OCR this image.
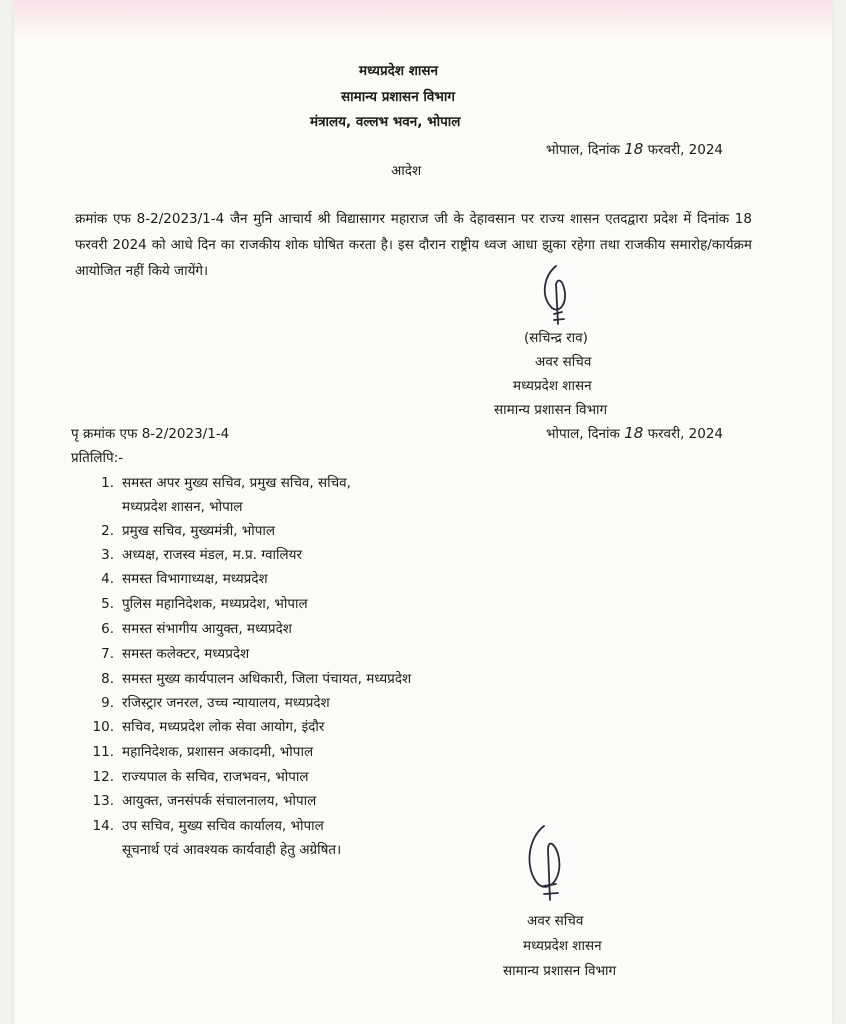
मध्यप्रदेश शासन
सामान्य प्रशासन विभाग
मंत्रालय, वल्लभ भवन, भोपाल
भोपाल, दिनांक 18 फरवरी, 2024
आदेश
क्रमांक एफ 8-2/2023/1-4 जैन मुनि आचार्य श्री विद्यासागर महाराज जी के देहावसान पर राज्य शासन एतदद्वारा प्रदेश में दिनांक 18 फरवरी 2024 को आधे दिन का राजकीय शोक घोषित करता है। इस दौरान राष्ट्रीय ध्वज आधा झुका रहेगा तथा राजकीय समारोह/कार्यक्रम आयोजित नहीं किये जायेंगे।
(सचिन्द्र राव)
अवर सचिव
मध्यप्रदेश शासन
सामान्य प्रशासन विभाग
पृ क्रमांक एफ 8-2/2023/1-4	भोपाल, दिनांक 18 फरवरी, 2024
प्रतिलिपि:-
1. समस्त अपर मुख्य सचिव, प्रमुख सचिव, सचिव,
मध्यप्रदेश शासन, भोपाल
2. प्रमुख सचिव, मुख्यमंत्री, भोपाल
3. अध्यक्ष, राजस्व मंडल, म.प्र. ग्वालियर
4. समस्त विभागाध्यक्ष, मध्यप्रदेश
5. पुलिस महानिदेशक, मध्यप्रदेश, भोपाल
6. समस्त संभागीय आयुक्त, मध्यप्रदेश
7. समस्त कलेक्टर, मध्यप्रदेश
8. समस्त मुख्य कार्यपालन अधिकारी, जिला पंचायत, मध्यप्रदेश
9. रजिस्ट्रार जनरल, उच्च न्यायालय, मध्यप्रदेश
10. सचिव, मध्यप्रदेश लोक सेवा आयोग, इंदौर
11. महानिदेशक, प्रशासन अकादमी, भोपाल
12. राज्यपाल के सचिव, राजभवन, भोपाल
13. आयुक्त, जनसंपर्क संचालनालय, भोपाल
14. उप सचिव, मुख्य सचिव कार्यालय, भोपाल
सूचनार्थ एवं आवश्यक कार्यवाही हेतु अग्रेषित।
अवर सचिव
मध्यप्रदेश शासन
सामान्य प्रशासन विभाग
